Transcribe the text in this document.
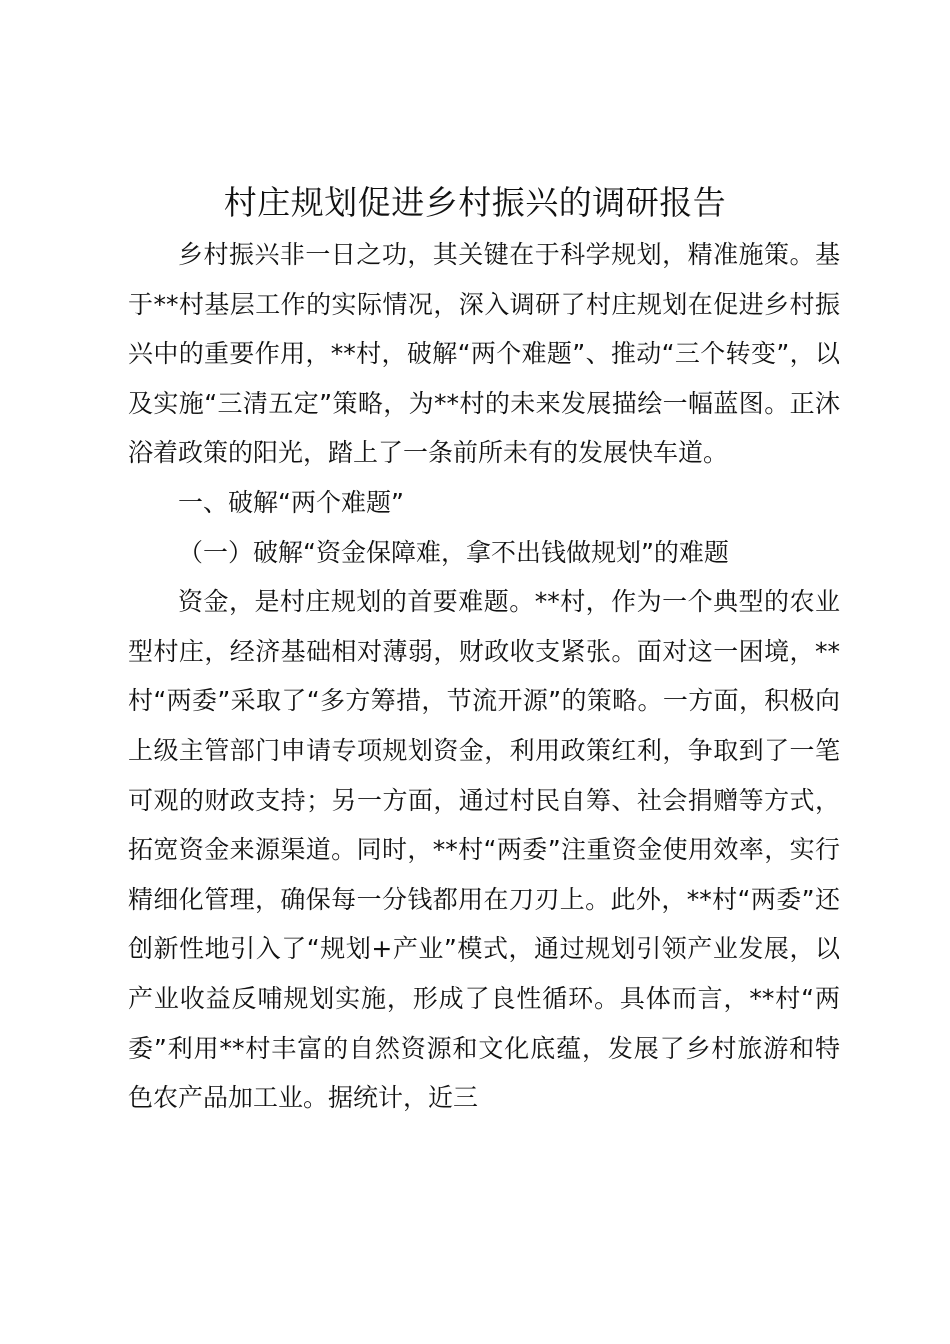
村庄规划促进乡村振兴的调研报告

乡村振兴非一日之功，其关键在于科学规划，精准施策。基于**村基层工作的实际情况，深入调研了村庄规划在促进乡村振兴中的重要作用，**村，破解“两个难题”、推动“三个转变”，以及实施“三清五定”策略，为**村的未来发展描绘一幅蓝图。正沐浴着政策的阳光，踏上了一条前所未有的发展快车道。

一、破解“两个难题”

（一）破解“资金保障难，拿不出钱做规划”的难题

资金，是村庄规划的首要难题。**村，作为一个典型的农业型村庄，经济基础相对薄弱，财政收支紧张。面对这一困境，**村“两委”采取了“多方筹措，节流开源”的策略。一方面，积极向上级主管部门申请专项规划资金，利用政策红利，争取到了一笔可观的财政支持；另一方面，通过村民自筹、社会捐赠等方式，拓宽资金来源渠道。同时，**村“两委”注重资金使用效率，实行精细化管理，确保每一分钱都用在刀刃上。此外，**村“两委”还创新性地引入了“规划+产业”模式，通过规划引领产业发展，以产业收益反哺规划实施，形成了良性循环。具体而言，**村“两委”利用**村丰富的自然资源和文化底蕴，发展了乡村旅游和特色农产品加工业。据统计，近三
